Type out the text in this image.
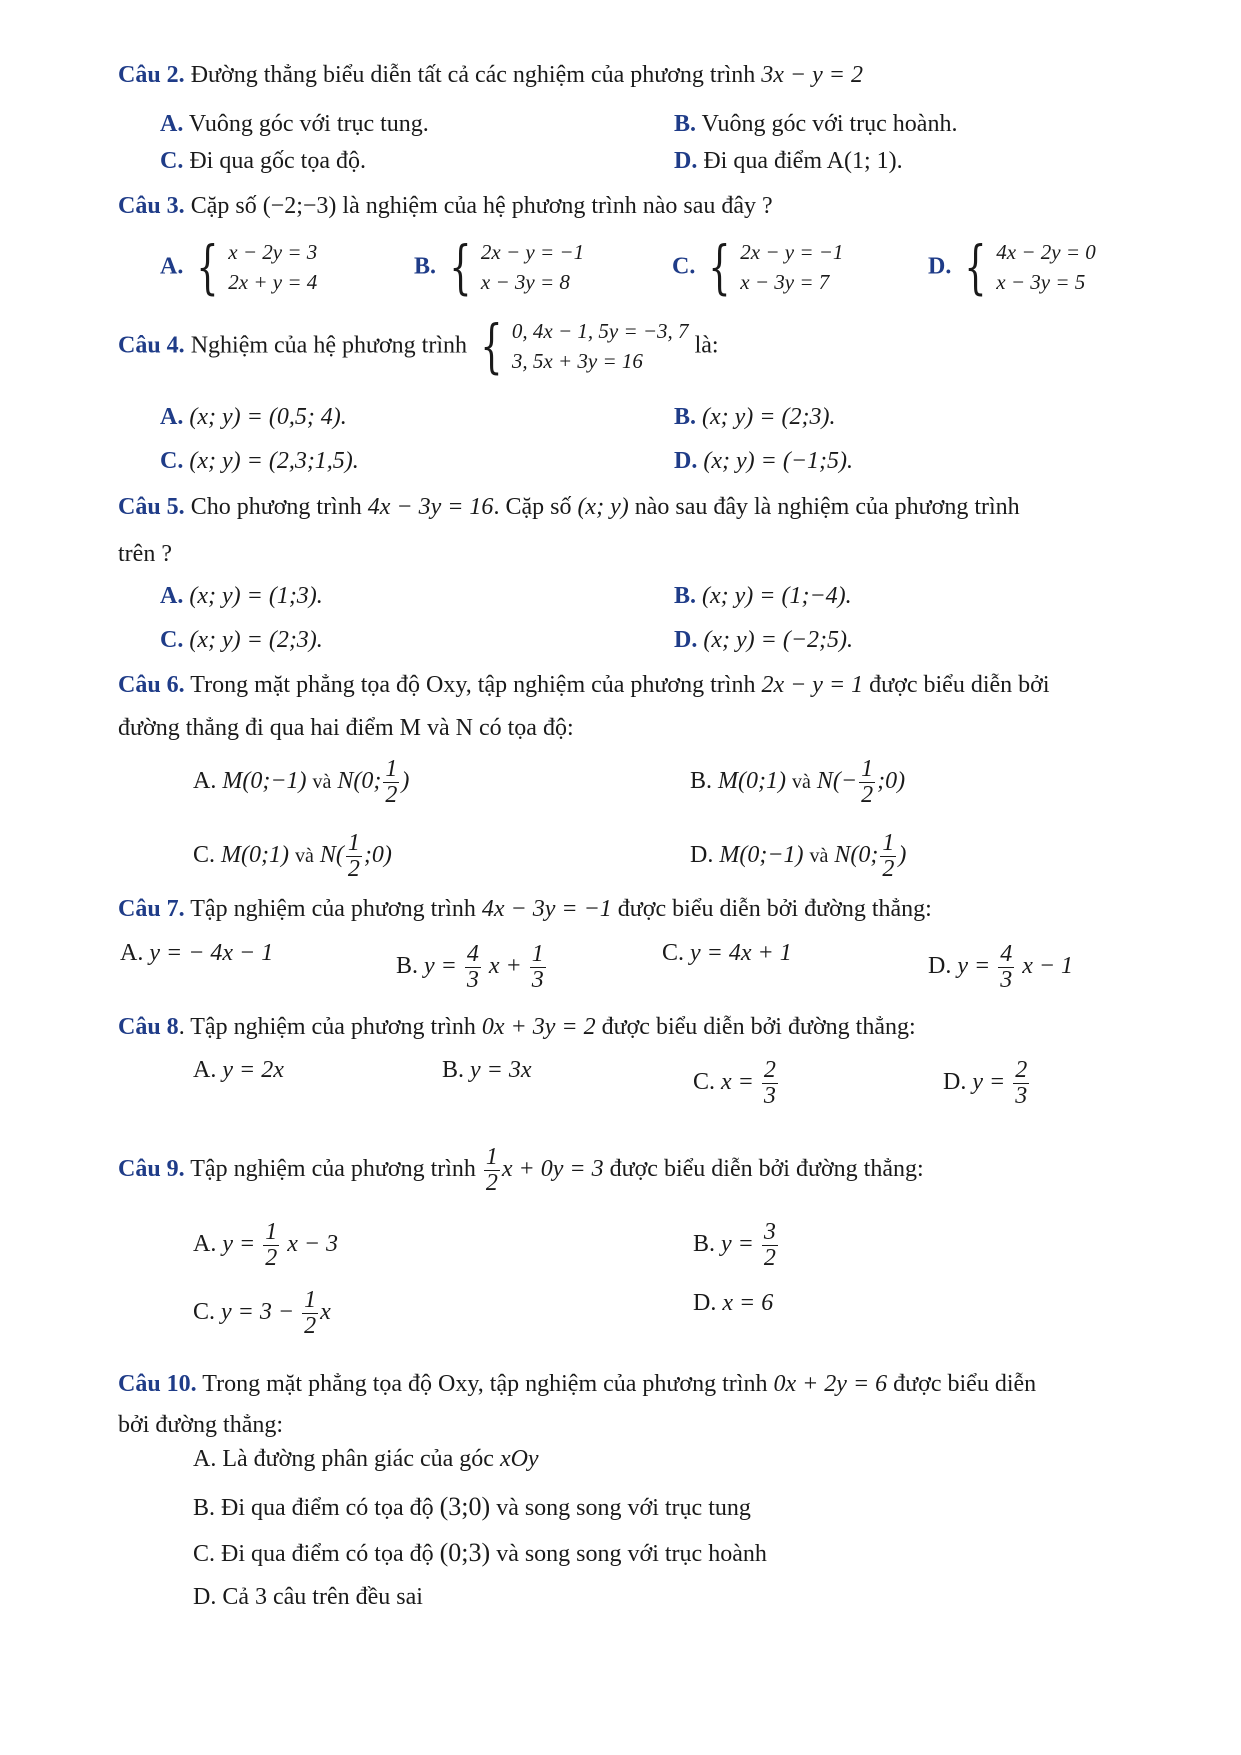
Câu 2. Đường thẳng biểu diễn tất cả các nghiệm của phương trình 3x − y = 2
A. Vuông góc với trục tung.	B. Vuông góc với trục hoành.
C. Đi qua gốc tọa độ.	D. Đi qua điểm A(1; 1).
Câu 3. Cặp số (−2;−3) là nghiệm của hệ phương trình nào sau đây ?
A. { x − 2y = 3
2x + y = 4
B. { 2x − y = −1
x − 3y = 8
C. { 2x − y = −1
x − 3y = 7
D. { 4x − 2y = 0
x − 3y = 5
Câu 4. Nghiệm của hệ phương trình { 0, 4x − 1, 5y = −3, 7
3, 5x + 3y = 16
là:
A. (x; y) = (0,5; 4).	B. (x; y) = (2;3).
C. (x; y) = (2,3;1,5).	D. (x; y) = (−1;5).
Câu 5. Cho phương trình 4x − 3y = 16. Cặp số (x; y) nào sau đây là nghiệm của phương trình
trên ?
A. (x; y) = (1;3).	B. (x; y) = (1;−4).
C. (x; y) = (2;3).	D. (x; y) = (−2;5).
Câu 6. Trong mặt phẳng tọa độ Oxy, tập nghiệm của phương trình 2x − y = 1 được biểu diễn bởi
đường thẳng đi qua hai điểm M và N có tọa độ:
A. M(0;−1) và N(0; $\frac{1}{2}$ )	B. M(0;1) và $N(- \frac{1}{2}$ ;0)
C. M(0;1) và $N( \frac{1}{2}$ ;0)	D. M(0;−1) và N(0; $\frac{1}{2}$ )
Câu 7. Tập nghiệm của phương trình 4x − 3y = −1 được biểu diễn bởi đường thẳng:
A. y = − 4x − 1
B. $y = \frac{4}{3}$ $x + \frac{1}{3}$	C. y = 4x + 1
D. $y = \frac{4}{3}$ x − 1
Câu 8. Tập nghiệm của phương trình 0x + 3y = 2 được biểu diễn bởi đường thẳng:
A. y = 2x	B. y = 3x	C. $x = \frac{2}{3}$	D. $y = \frac{2}{3}$
Câu 9. Tập nghiệm của phương trình $\frac{1}{2}$ x + 0y = 3 được biểu diễn bởi đường thẳng:
A. $y = \frac{1}{2}$ x − 3	B. $y = \frac{3}{2}$
C. $y = 3 - \frac{1}{2}$ x	D. x = 6
Câu 10. Trong mặt phẳng tọa độ Oxy, tập nghiệm của phương trình 0x + 2y = 6 được biểu diễn
bởi đường thẳng:
A. Là đường phân giác của góc xOy
B. Đi qua điểm có tọa độ (3;0) và song song với trục tung
C. Đi qua điểm có tọa độ (0;3) và song song với trục hoành
D. Cả 3 câu trên đều sai
